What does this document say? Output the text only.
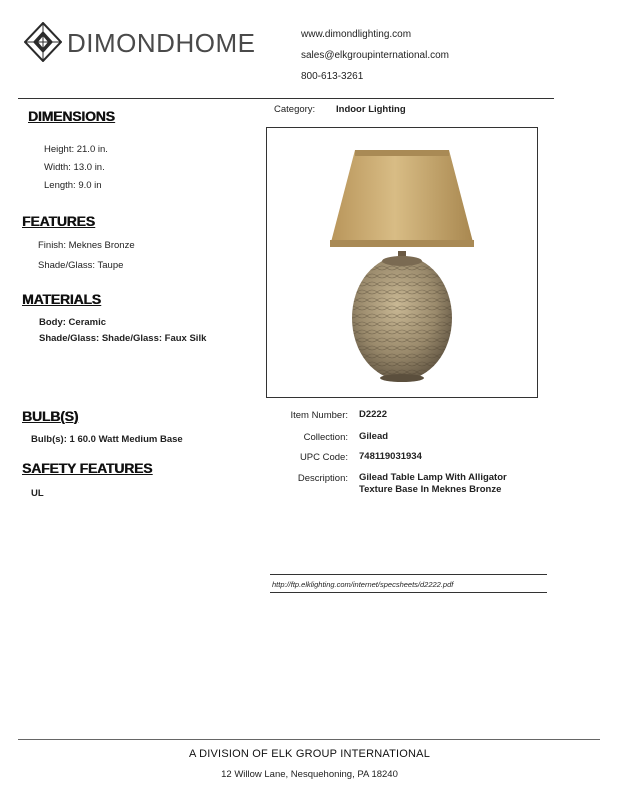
DIMONDHOME	www.dimondlighting.com
sales@elkgroupinternational.com
800-613-3261
DIMENSIONS
Height: 21.0 in.
Width: 13.0 in.
Length: 9.0 in
FEATURES
Finish: Meknes Bronze
Shade/Glass: Taupe
MATERIALS
Body: Ceramic
Shade/Glass: Shade/Glass: Faux Silk
BULB(S)
Bulb(s): 1 60.0 Watt Medium Base
SAFETY FEATURES
UL
Category: Indoor Lighting
Item Number: D2222
Collection: Gilead
UPC Code: 748119031934
Description: Gilead Table Lamp With Alligator
Texture Base In Meknes Bronze
http://ftp.elklighting.com/internet/specsheets/d2222.pdf
A DIVISION OF ELK GROUP INTERNATIONAL
12 Willow Lane, Nesquehoning, PA 18240
